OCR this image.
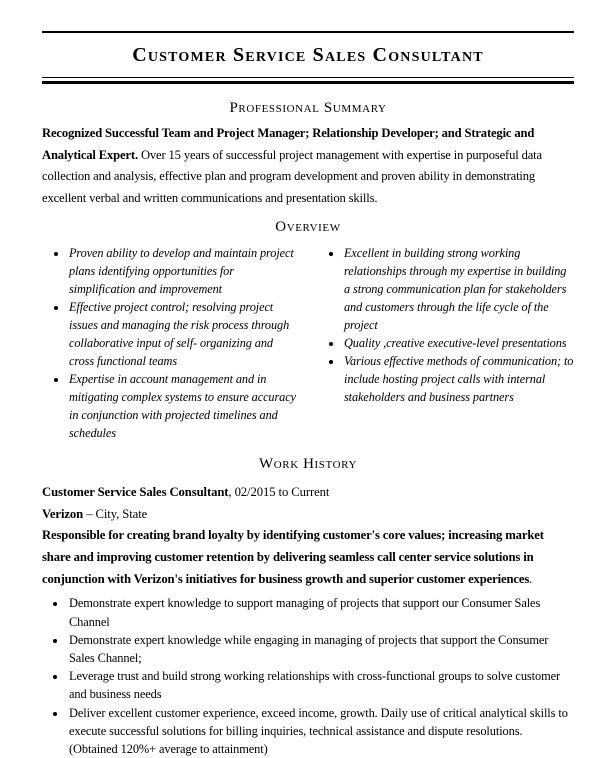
Customer Service Sales Consultant
Professional Summary

Recognized Successful Team and Project Manager; Relationship Developer; and Strategic and Analytical Expert. Over 15 years of successful project management with expertise in purposeful data collection and analysis, effective plan and program development and proven ability in demonstrating excellent verbal and written communications and presentation skills.

Overview
• Proven ability to develop and maintain project plans identifying opportunities for simplification and improvement
• Effective project control; resolving project issues and managing the risk process through collaborative input of self- organizing and cross functional teams
• Expertise in account management and in mitigating complex systems to ensure accuracy in conjunction with projected timelines and schedules
• Excellent in building strong working relationships through my expertise in building a strong communication plan for stakeholders and customers through the life cycle of the project
• Quality ,creative executive-level presentations
• Various effective methods of communication; to include hosting project calls with internal stakeholders and business partners
Work History
Customer Service Sales Consultant, 02/2015 to Current
Verizon – City, State

Responsible for creating brand loyalty by identifying customer's core values; increasing market share and improving customer retention by delivering seamless call center service solutions in conjunction with Verizon's initiatives for business growth and superior customer experiences.

• Demonstrate expert knowledge to support managing of projects that support our Consumer Sales Channel
• Demonstrate expert knowledge while engaging in managing of projects that support the Consumer Sales Channel;
• Leverage trust and build strong working relationships with cross-functional groups to solve customer and business needs
• Deliver excellent customer experience, exceed income, growth. Daily use of critical analytical skills to execute successful solutions for billing inquiries, technical assistance and dispute resolutions. (Obtained 120%+ average to attainment)
